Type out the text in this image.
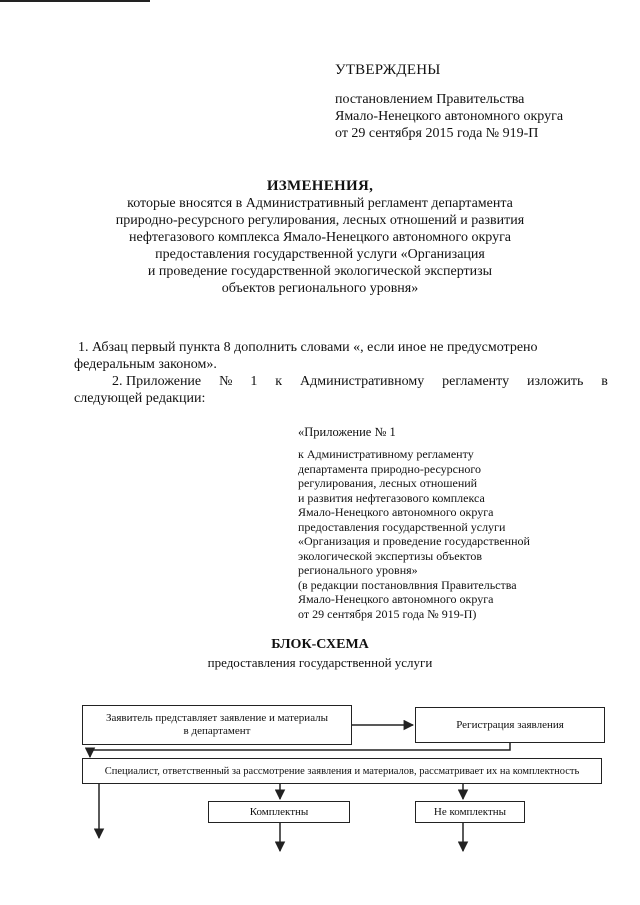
УТВЕРЖДЕНЫ
постановлением Правительства
Ямало-Ненецкого автономного округа
от 29 сентября 2015 года № 919-П
ИЗМЕНЕНИЯ,
которые вносятся в Административный регламент департамента
природно-ресурсного регулирования, лесных отношений и развития
нефтегазового комплекса Ямало-Ненецкого автономного округа
предоставления государственной услуги «Организация
и проведение государственной экологической экспертизы
объектов регионального уровня»
1. Абзац первый пункта 8 дополнить словами «, если иное не предусмотрено
федеральным законом».
2. Приложение № 1 к Административному регламенту изложить в
следующей редакции:
«Приложение № 1
к Административному регламенту
департамента природно-ресурсного
регулирования, лесных отношений
и развития нефтегазового комплекса
Ямало-Ненецкого автономного округа
предоставления государственной услуги
«Организация и проведение государственной
экологической экспертизы объектов
регионального уровня»
(в редакции постановлвния Правительства
Ямало-Ненецкого автономного округа
от 29 сентября 2015 года № 919-П)
БЛОК-СХЕМА
предоставления государственной услуги
Заявитель представляет заявление и материалы в департамент
Регистрация заявления
Специалист, ответственный за рассмотрение заявления и материалов, рассматривает их на комплектность
Комплектны	Не комплектны
